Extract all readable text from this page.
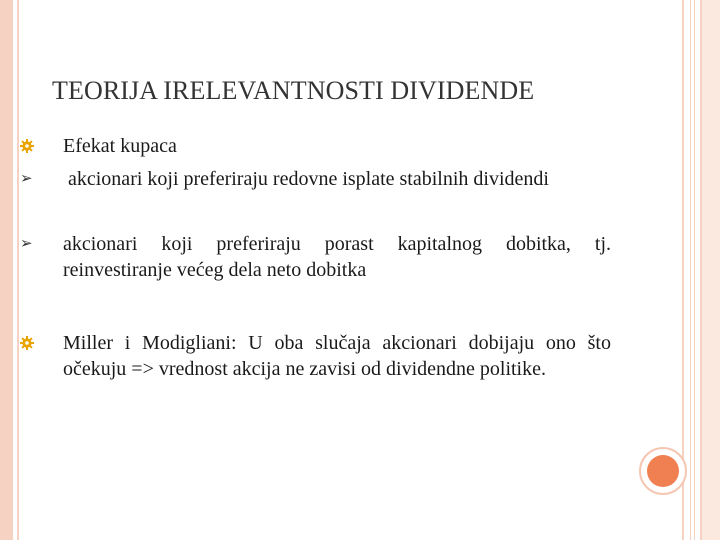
TEORIJA IRELEVANTNOSTI DIVIDENDE
Efekat kupaca
➢ akcionari koji preferiraju redovne isplate stabilnih dividendi
➢ akcionari koji preferiraju porast kapitalnog dobitka, tj. reinvestiranje većeg dela neto dobitka
Miller i Modigliani: U oba slučaja akcionari dobijaju ono što očekuju => vrednost akcija ne zavisi od dividendne politike.
